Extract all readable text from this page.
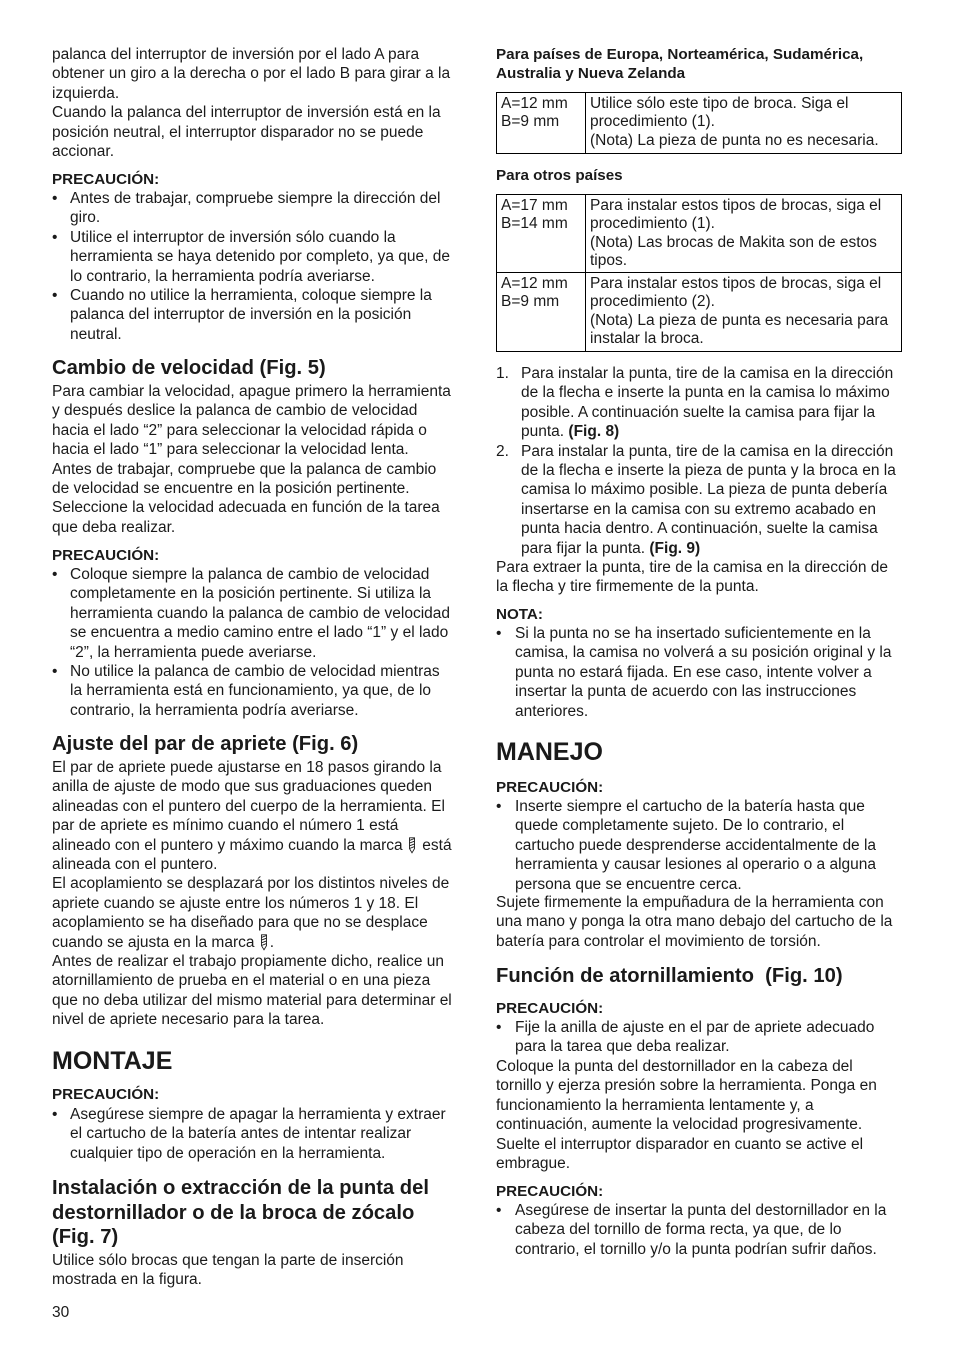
palanca del interruptor de inversión por el lado A para
obtener un giro a la derecha o por el lado B para girar a la
izquierda.
Cuando la palanca del interruptor de inversión está en la
posición neutral, el interruptor disparador no se puede
accionar.
PRECAUCIÓN:
• Antes de trabajar, compruebe siempre la dirección del
giro.
• Utilice el interruptor de inversión sólo cuando la
herramienta se haya detenido por completo, ya que, de
lo contrario, la herramienta podría averiarse.
• Cuando no utilice la herramienta, coloque siempre la
palanca del interruptor de inversión en la posición
neutral.
Cambio de velocidad (Fig. 5)
Para cambiar la velocidad, apague primero la herramienta
y después deslice la palanca de cambio de velocidad
hacia el lado “2” para seleccionar la velocidad rápida o
hacia el lado “1” para seleccionar la velocidad lenta.
Antes de trabajar, compruebe que la palanca de cambio
de velocidad se encuentre en la posición pertinente.
Seleccione la velocidad adecuada en función de la tarea
que deba realizar.
PRECAUCIÓN:
• Coloque siempre la palanca de cambio de velocidad
completamente en la posición pertinente. Si utiliza la
herramienta cuando la palanca de cambio de velocidad
se encuentra a medio camino entre el lado “1” y el lado
“2”, la herramienta puede averiarse.
• No utilice la palanca de cambio de velocidad mientras
la herramienta está en funcionamiento, ya que, de lo
contrario, la herramienta podría averiarse.
Ajuste del par de apriete (Fig. 6)
El par de apriete puede ajustarse en 18 pasos girando la
anilla de ajuste de modo que sus graduaciones queden
alineadas con el puntero del cuerpo de la herramienta. El
par de apriete es mínimo cuando el número 1 está
alineado con el puntero y máximo cuando la marca
está
alineada con el puntero.
El acoplamiento se desplazará por los distintos niveles de
apriete cuando se ajuste entre los números 1 y 18. El
acoplamiento se ha diseñado para que no se desplace
cuando se ajusta en la marca
.
Antes de realizar el trabajo propiamente dicho, realice un
atornillamiento de prueba en el material o en una pieza
que no deba utilizar del mismo material para determinar el
nivel de apriete necesario para la tarea.
MONTAJE
PRECAUCIÓN:
• Asegúrese siempre de apagar la herramienta y extraer
el cartucho de la batería antes de intentar realizar
cualquier tipo de operación en la herramienta.
Instalación o extracción de la punta del
destornillador o de la broca de zócalo
(Fig. 7)
Utilice sólo brocas que tengan la parte de inserción
mostrada en la figura.
30
Para países de Europa, Norteamérica, Sudamérica,
Australia y Nueva Zelanda
A=12 mm
B=9 mm
Utilice sólo este tipo de broca. Siga el
procedimiento (1).
(Nota) La pieza de punta no es necesaria.
Para otros países
A=17 mm
B=14 mm
Para instalar estos tipos de brocas, siga el
procedimiento (1).
(Nota) Las brocas de Makita son de estos
tipos.
A=12 mm
B=9 mm
Para instalar estos tipos de brocas, siga el
procedimiento (2).
(Nota) La pieza de punta es necesaria para
instalar la broca.
1. Para instalar la punta, tire de la camisa en la dirección
de la flecha e inserte la punta en la camisa lo máximo
posible. A continuación suelte la camisa para fijar la
punta. (Fig. 8)
2. Para instalar la punta, tire de la camisa en la dirección
de la flecha e inserte la pieza de punta y la broca en la
camisa lo máximo posible. La pieza de punta debería
insertarse en la camisa con su extremo acabado en
punta hacia dentro. A continuación, suelte la camisa
para fijar la punta. (Fig. 9)
Para extraer la punta, tire de la camisa en la dirección de
la flecha y tire firmemente de la punta.
NOTA:
• Si la punta no se ha insertado suficientemente en la
camisa, la camisa no volverá a su posición original y la
punta no estará fijada. En ese caso, intente volver a
insertar la punta de acuerdo con las instrucciones
anteriores.
MANEJO
PRECAUCIÓN:
• Inserte siempre el cartucho de la batería hasta que
quede completamente sujeto. De lo contrario, el
cartucho puede desprenderse accidentalmente de la
herramienta y causar lesiones al operario o a alguna
persona que se encuentre cerca.
Sujete firmemente la empuñadura de la herramienta con
una mano y ponga la otra mano debajo del cartucho de la
batería para controlar el movimiento de torsión.
Función de atornillamiento  (Fig. 10)
PRECAUCIÓN:
• Fije la anilla de ajuste en el par de apriete adecuado
para la tarea que deba realizar.
Coloque la punta del destornillador en la cabeza del
tornillo y ejerza presión sobre la herramienta. Ponga en
funcionamiento la herramienta lentamente y, a
continuación, aumente la velocidad progresivamente.
Suelte el interruptor disparador en cuanto se active el
embrague.
PRECAUCIÓN:
• Asegúrese de insertar la punta del destornillador en la
cabeza del tornillo de forma recta, ya que, de lo
contrario, el tornillo y/o la punta podrían sufrir daños.
